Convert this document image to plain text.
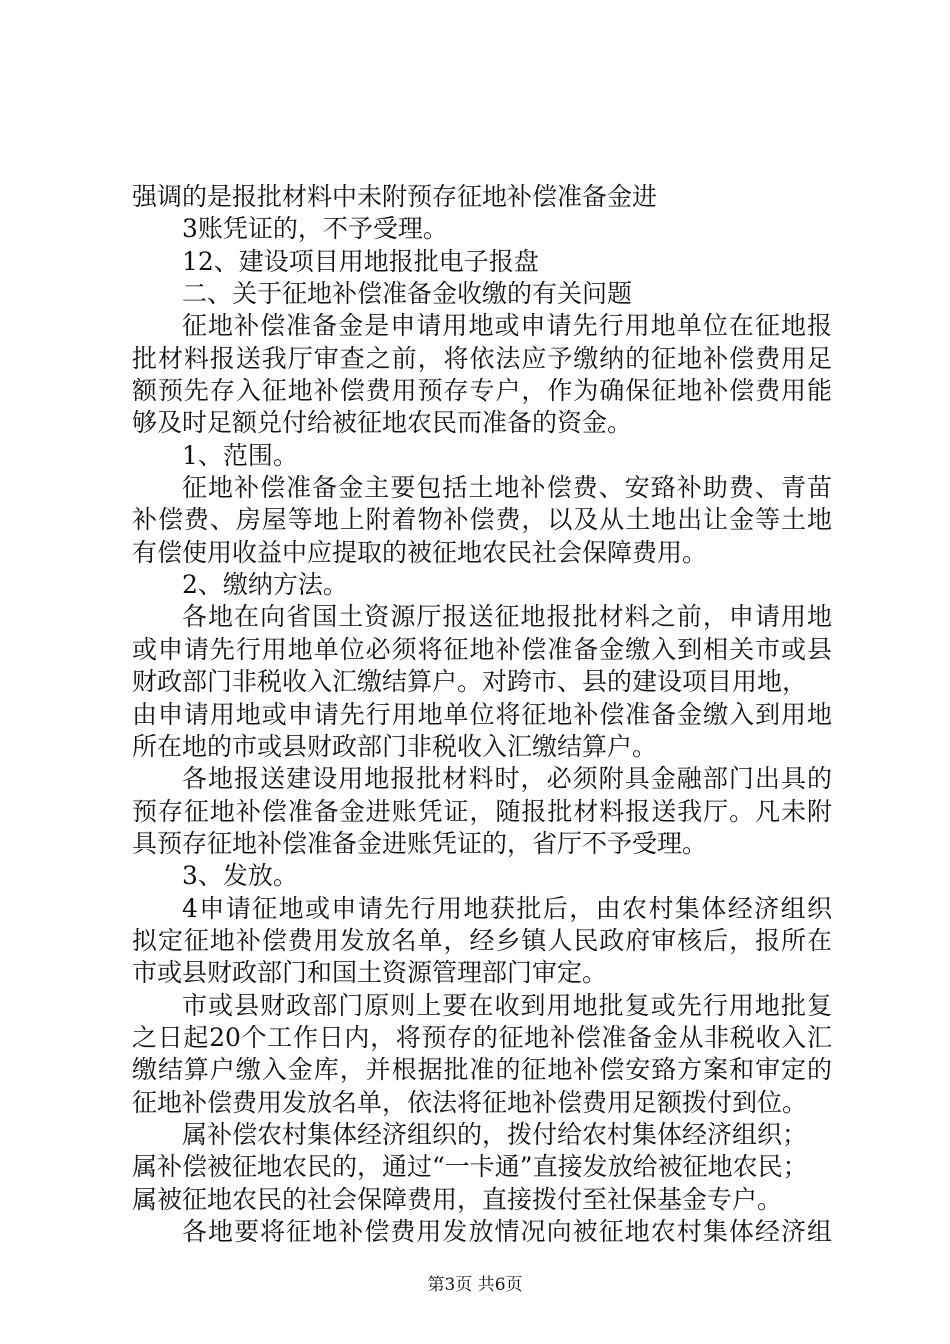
强调的是报批材料中未附预存征地补偿准备金进
3账凭证的，不予受理。
12、建设项目用地报批电子报盘
二、关于征地补偿准备金收缴的有关问题
征地补偿准备金是申请用地或申请先行用地单位在征地报
批材料报送我厅审查之前，将依法应予缴纳的征地补偿费用足
额预先存入征地补偿费用预存专户，作为确保征地补偿费用能
够及时足额兑付给被征地农民而准备的资金。
1、范围。
征地补偿准备金主要包括土地补偿费、安臵补助费、青苗
补偿费、房屋等地上附着物补偿费，以及从土地出让金等土地
有偿使用收益中应提取的被征地农民社会保障费用。
2、缴纳方法。
各地在向省国土资源厅报送征地报批材料之前，申请用地
或申请先行用地单位必须将征地补偿准备金缴入到相关市或县
财政部门非税收入汇缴结算户。对跨市、县的建设项目用地，
由申请用地或申请先行用地单位将征地补偿准备金缴入到用地
所在地的市或县财政部门非税收入汇缴结算户。
各地报送建设用地报批材料时，必须附具金融部门出具的
预存征地补偿准备金进账凭证，随报批材料报送我厅。凡未附
具预存征地补偿准备金进账凭证的，省厅不予受理。
3、发放。
4申请征地或申请先行用地获批后，由农村集体经济组织
拟定征地补偿费用发放名单，经乡镇人民政府审核后，报所在
市或县财政部门和国土资源管理部门审定。
市或县财政部门原则上要在收到用地批复或先行用地批复
之日起20个工作日内，将预存的征地补偿准备金从非税收入汇
缴结算户缴入金库，并根据批准的征地补偿安臵方案和审定的
征地补偿费用发放名单，依法将征地补偿费用足额拨付到位。
属补偿农村集体经济组织的，拨付给农村集体经济组织；
属补偿被征地农民的，通过“一卡通”直接发放给被征地农民；
属被征地农民的社会保障费用，直接拨付至社保基金专户。
各地要将征地补偿费用发放情况向被征地农村集体经济组
第3页 共6页
